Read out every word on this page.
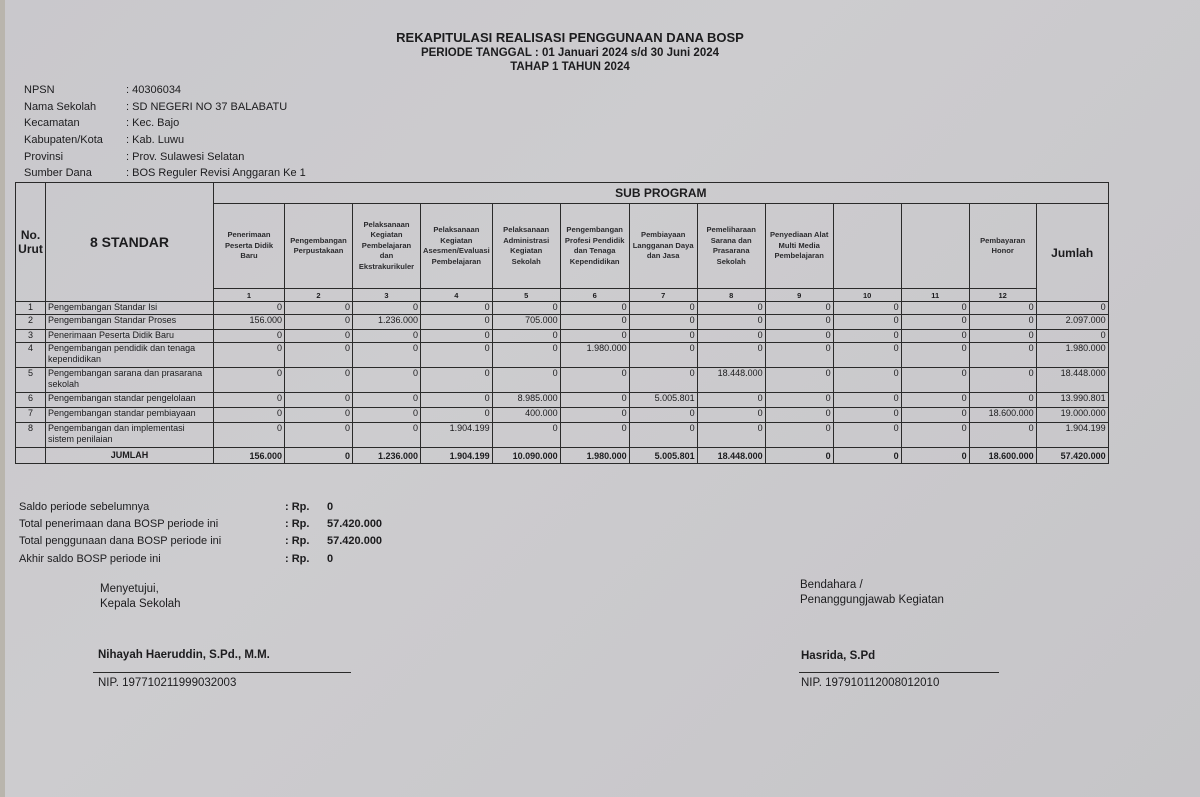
REKAPITULASI REALISASI PENGGUNAAN DANA BOSP
PERIODE TANGGAL : 01 Januari 2024 s/d 30 Juni 2024
TAHAP 1 TAHUN 2024
NPSN	: 40306034
Nama Sekolah	: SD NEGERI NO 37 BALABATU
Kecamatan	: Kec. Bajo
Kabupaten/Kota	: Kab. Luwu
Provinsi	: Prov. Sulawesi Selatan
Sumber Dana	: BOS Reguler Revisi Anggaran Ke 1
No. Urut	8 STANDAR	SUB PROGRAM												
		Penerimaan Peserta Didik Baru	Pengembangan Perpustakaan	Pelaksanaan Kegiatan Pembelajaran dan Ekstrakurikuler	Pelaksanaan Kegiatan Asesmen/Evaluasi Pembelajaran	Pelaksanaan Administrasi Kegiatan Sekolah	Pengembangan Profesi Pendidik dan Tenaga Kependidikan	Pembiayaan Langganan Daya dan Jasa	Pemeliharaan Sarana dan Prasarana Sekolah	Penyediaan Alat Multi Media Pembelajaran			Pembayaran Honor	Jumlah
		1	2	3	4	5	6	7	8	9	10	11	12	
1	Pengembangan Standar Isi	0	0	0	0	0	0	0	0	0	0	0	0	0
2	Pengembangan Standar Proses	156.000	0	1.236.000	0	705.000	0	0	0	0	0	0	0	2.097.000
3	Penerimaan Peserta Didik Baru	0	0	0	0	0	0	0	0	0	0	0	0	0
4	Pengembangan pendidik dan tenaga kependidikan	0	0	0	0	0	1.980.000	0	0	0	0	0	0	1.980.000
5	Pengembangan sarana dan prasarana sekolah	0	0	0	0	0	0	0	18.448.000	0	0	0	0	18.448.000
6	Pengembangan standar pengelolaan	0	0	0	0	8.985.000	0	5.005.801	0	0	0	0	0	13.990.801
7	Pengembangan standar pembiayaan	0	0	0	0	400.000	0	0	0	0	0	0	18.600.000	19.000.000
8	Pengembangan dan implementasi sistem penilaian	0	0	0	1.904.199	0	0	0	0	0	0	0	0	1.904.199
	JUMLAH	156.000	0	1.236.000	1.904.199	10.090.000	1.980.000	5.005.801	18.448.000	0	0	0	18.600.000	57.420.000
Saldo periode sebelumnya	: Rp.	0
Total penerimaan dana BOSP periode ini	: Rp.	57.420.000
Total penggunaan dana BOSP periode ini	: Rp.	57.420.000
Akhir saldo BOSP periode ini	: Rp.	0
Menyetujui,
Kepala Sekolah
Nihayah Haeruddin, S.Pd., M.M.
NIP. 197710211999032003
Bendahara /
Penanggungjawab Kegiatan
Hasrida, S.Pd
NIP. 197910112008012010
